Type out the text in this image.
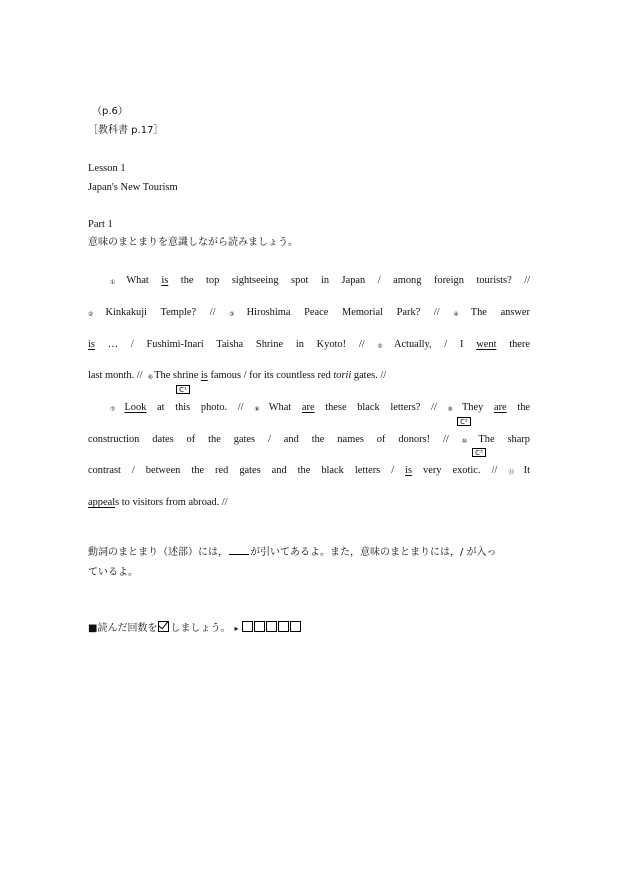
（p.6）
［教科書 p.17］
Lesson 1
Japan's New Tourism
Part 1
意味のまとまりを意識しながら読みましょう。
①What is the top sightseeing spot in Japan / among foreign tourists? //
②Kinkakuji Temple? // ③Hiroshima Peace Memorial Park? // ④The answer
is … / Fushimi-Inari Taisha Shrine in Kyoto! // ⑤Actually, / I went there
last month. // ⑥The shrine is famous / for its countless red torii gates. //
C¹
⑦Look at this photo. // ⑧What are these black letters? // ⑨They are the
C²
construction dates of the gates / and the names of donors! // ⑩The sharp
C³
contrast / between the red gates and the black letters / is very exotic. // ⑪It
appeals to visitors from abroad. //
動詞のまとまり（述部）には， が引いてあるよ。また，意味のまとまりには，/ が入っ
ているよ。
■読んだ回数を しましょう。 ▸
